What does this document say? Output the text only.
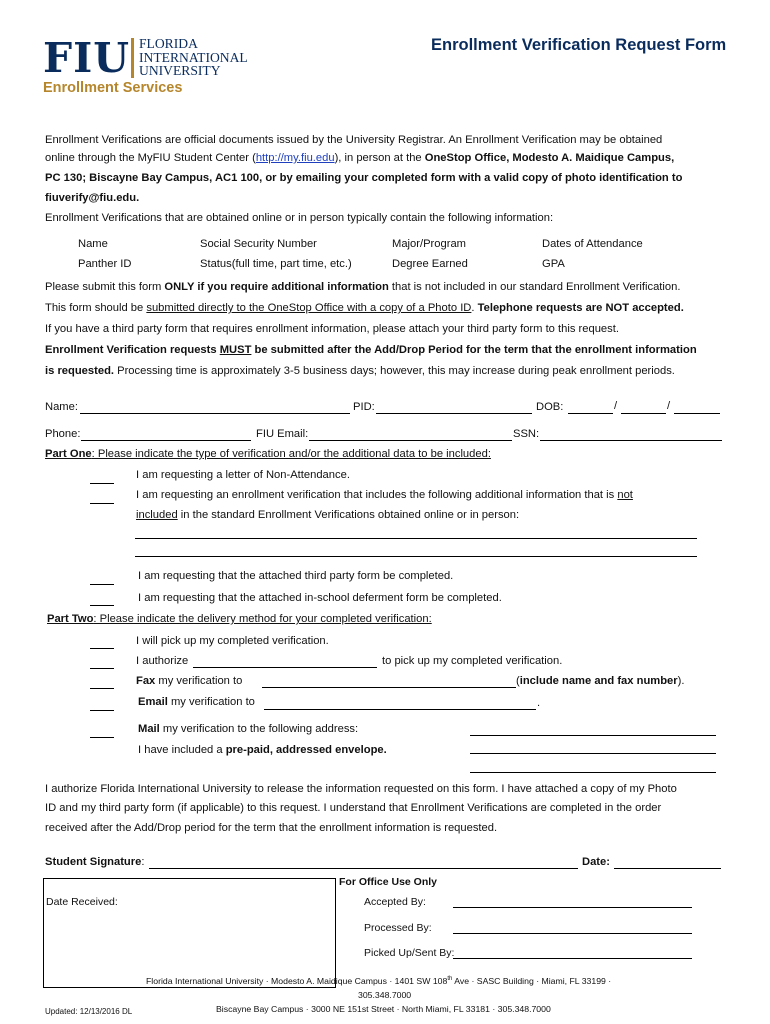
FIU FLORIDA
INTERNATIONAL
UNIVERSITY
Enrollment Services
Enrollment Verification Request Form
Enrollment Verifications are official documents issued by the University Registrar. An Enrollment Verification may be obtained
online through the MyFIU Student Center (http://my.fiu.edu), in person at the OneStop Office, Modesto A. Maidique Campus,
PC 130; Biscayne Bay Campus, AC1 100, or by emailing your completed form with a valid copy of photo identification to
fiuverify@fiu.edu.
Enrollment Verifications that are obtained online or in person typically contain the following information:
Name	Social Security Number	Major/Program	Dates of Attendance
Panther ID	Status(full time, part time, etc.)	Degree Earned	GPA
Please submit this form ONLY if you require additional information that is not included in our standard Enrollment Verification.
This form should be submitted directly to the OneStop Office with a copy of a Photo ID. Telephone requests are NOT accepted.
If you have a third party form that requires enrollment information, please attach your third party form to this request.
Enrollment Verification requests MUST be submitted after the Add/Drop Period for the term that the enrollment information
is requested. Processing time is approximately 3-5 business days; however, this may increase during peak enrollment periods.
Name:	PID:	DOB:	/	/
Phone:	FIU Email:	SSN:
Part One: Please indicate the type of verification and/or the additional data to be included:
I am requesting a letter of Non-Attendance.
I am requesting an enrollment verification that includes the following additional information that is not
included in the standard Enrollment Verifications obtained online or in person:
I am requesting that the attached third party form be completed.
I am requesting that the attached in-school deferment form be completed.
Part Two: Please indicate the delivery method for your completed verification:
I will pick up my completed verification.
I authorize	to pick up my completed verification.
Fax my verification to	(include name and fax number).
Email my verification to	.
Mail my verification to the following address:
I have included a pre-paid, addressed envelope.
I authorize Florida International University to release the information requested on this form. I have attached a copy of my Photo
ID and my third party form (if applicable) to this request. I understand that Enrollment Verifications are completed in the order
received after the Add/Drop period for the term that the enrollment information is requested.
Student Signature:	Date:
For Office Use Only
Date Received:	Accepted By:
Processed By:
Picked Up/Sent By:
Florida International University · Modesto A. Maidique Campus · 1401 SW 108th Ave · SASC Building · Miami, FL 33199 ·
305.348.7000
Biscayne Bay Campus · 3000 NE 151st Street · North Miami, FL 33181 · 305.348.7000
Updated: 12/13/2016 DL
